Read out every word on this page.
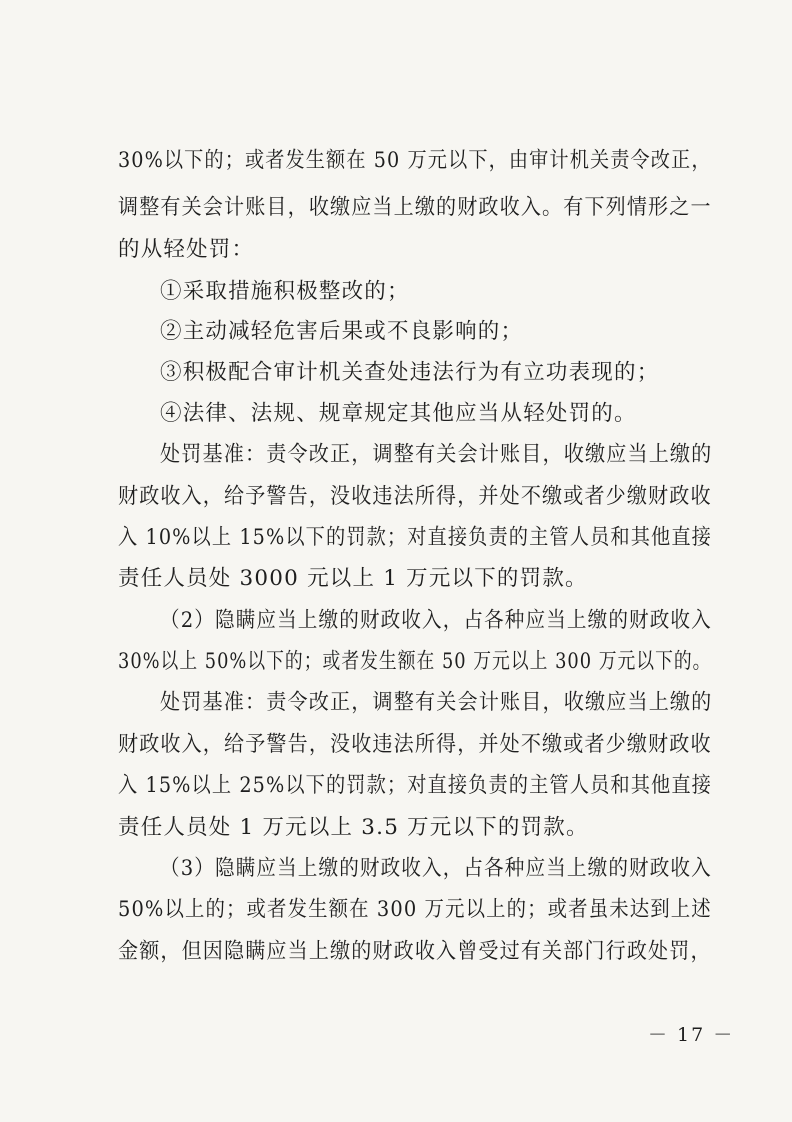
30%以下的；或者发生额在 50 万元以下，由审计机关责令改正，
调整有关会计账目，收缴应当上缴的财政收入。有下列情形之一
的从轻处罚：
①采取措施积极整改的；
②主动减轻危害后果或不良影响的；
③积极配合审计机关查处违法行为有立功表现的；
④法律、法规、规章规定其他应当从轻处罚的。
处罚基准：责令改正，调整有关会计账目，收缴应当上缴的
财政收入，给予警告，没收违法所得，并处不缴或者少缴财政收
入 10%以上 15%以下的罚款；对直接负责的主管人员和其他直接
责任人员处 3000 元以上 1 万元以下的罚款。
（2）隐瞒应当上缴的财政收入，占各种应当上缴的财政收入
30%以上 50%以下的；或者发生额在 50 万元以上 300 万元以下的。
处罚基准：责令改正，调整有关会计账目，收缴应当上缴的
财政收入，给予警告，没收违法所得，并处不缴或者少缴财政收
入 15%以上 25%以下的罚款；对直接负责的主管人员和其他直接
责任人员处 1 万元以上 3.5 万元以下的罚款。
（3）隐瞒应当上缴的财政收入，占各种应当上缴的财政收入
50%以上的；或者发生额在 300 万元以上的；或者虽未达到上述
金额，但因隐瞒应当上缴的财政收入曾受过有关部门行政处罚，
－ 17 －
